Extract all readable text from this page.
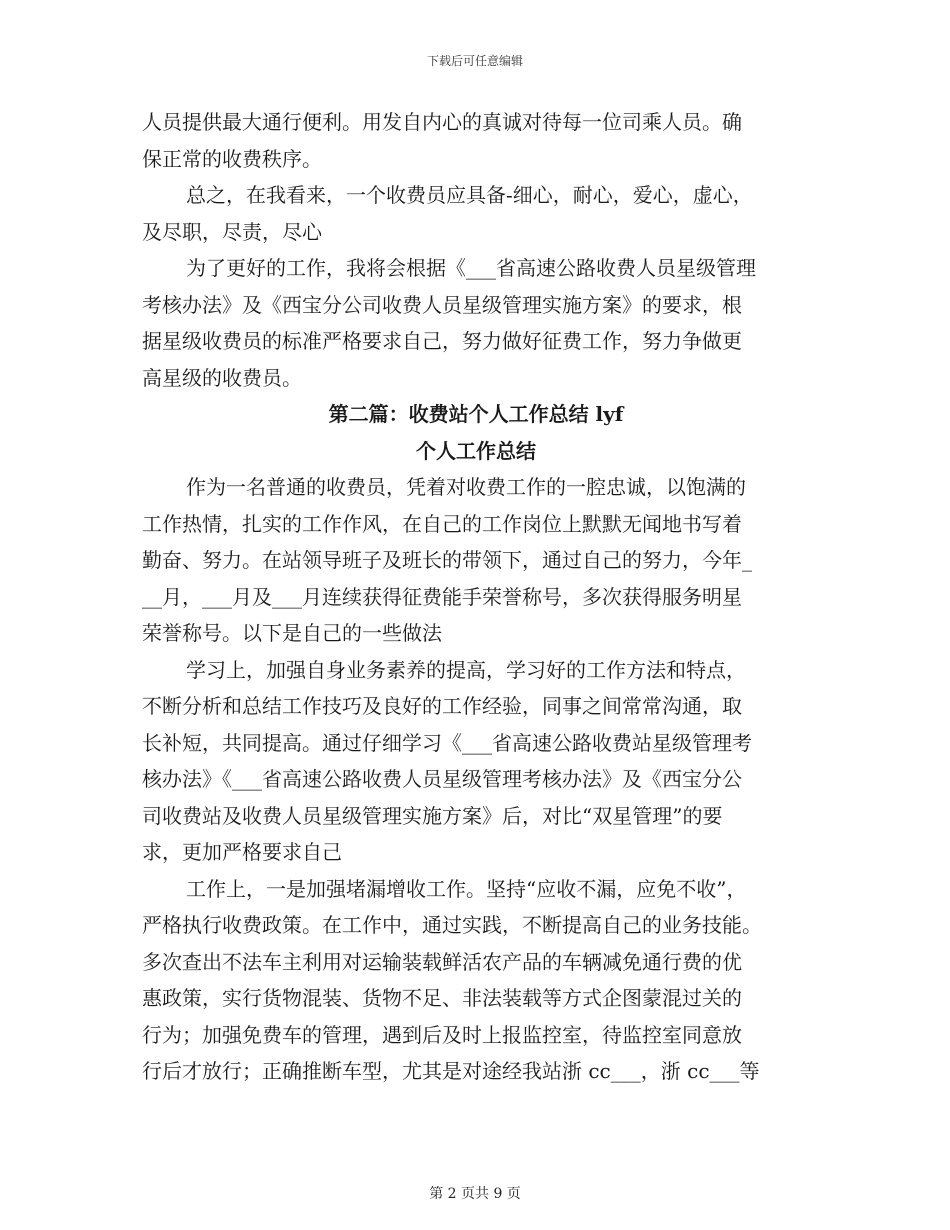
下载后可任意编辑
人员提供最大通行便利。用发自内心的真诚对待每一位司乘人员。确
保正常的收费秩序。
总之，在我看来，一个收费员应具备-细心，耐心，爱心，虚心，
及尽职，尽责，尽心
为了更好的工作，我将会根据《___省高速公路收费人员星级管理
考核办法》及《西宝分公司收费人员星级管理实施方案》的要求，根
据星级收费员的标准严格要求自己，努力做好征费工作，努力争做更
高星级的收费员。
第二篇：收费站个人工作总结 lyf
个人工作总结
作为一名普通的收费员，凭着对收费工作的一腔忠诚，以饱满的
工作热情，扎实的工作作风，在自己的工作岗位上默默无闻地书写着
勤奋、努力。在站领导班子及班长的带领下，通过自己的努力，今年_
__月，___月及___月连续获得征费能手荣誉称号，多次获得服务明星
荣誉称号。以下是自己的一些做法
学习上，加强自身业务素养的提高，学习好的工作方法和特点，
不断分析和总结工作技巧及良好的工作经验，同事之间常常沟通，取
长补短，共同提高。通过仔细学习《___省高速公路收费站星级管理考
核办法》《___省高速公路收费人员星级管理考核办法》及《西宝分公
司收费站及收费人员星级管理实施方案》后，对比“双星管理”的要
求，更加严格要求自己
工作上，一是加强堵漏增收工作。坚持“应收不漏，应免不收”，
严格执行收费政策。在工作中，通过实践，不断提高自己的业务技能。
多次查出不法车主利用对运输装载鲜活农产品的车辆减免通行费的优
惠政策，实行货物混装、货物不足、非法装载等方式企图蒙混过关的
行为；加强免费车的管理，遇到后及时上报监控室，待监控室同意放
行后才放行；正确推断车型，尤其是对途经我站浙 cc___，浙 cc___等
第 2 页共 9 页
